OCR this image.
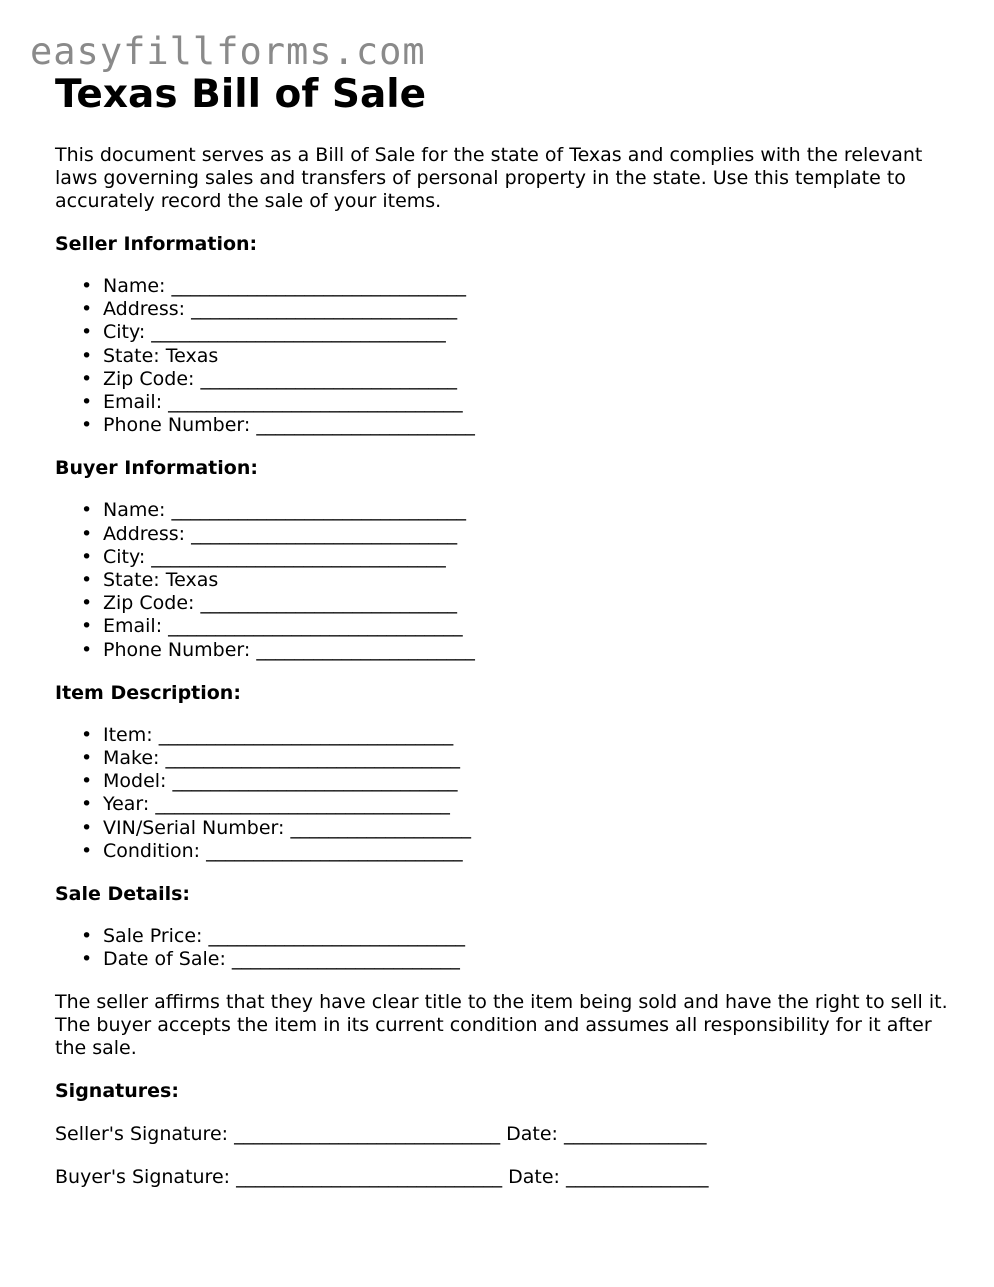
easyfillforms.com
Texas Bill of Sale

This document serves as a Bill of Sale for the state of Texas and complies with the relevant laws governing sales and transfers of personal property in the state. Use this template to accurately record the sale of your items.

Seller Information:
• Name: _______________________________
• Address: ____________________________
• City: _______________________________
• State: Texas
• Zip Code: ___________________________
• Email: _______________________________
• Phone Number: _______________________
Buyer Information:
• Name: _______________________________
• Address: ____________________________
• City: _______________________________
• State: Texas
• Zip Code: ___________________________
• Email: _______________________________
• Phone Number: _______________________
Item Description:
• Item: _______________________________
• Make: _______________________________
• Model: ______________________________
• Year: _______________________________
• VIN/Serial Number: ___________________
• Condition: ___________________________
Sale Details:
• Sale Price: ___________________________
• Date of Sale: ________________________

The seller affirms that they have clear title to the item being sold and have the right to sell it. The buyer accepts the item in its current condition and assumes all responsibility for it after the sale.

Signatures:
Seller's Signature: ____________________________ Date: _______________
Buyer's Signature: ____________________________ Date: _______________
